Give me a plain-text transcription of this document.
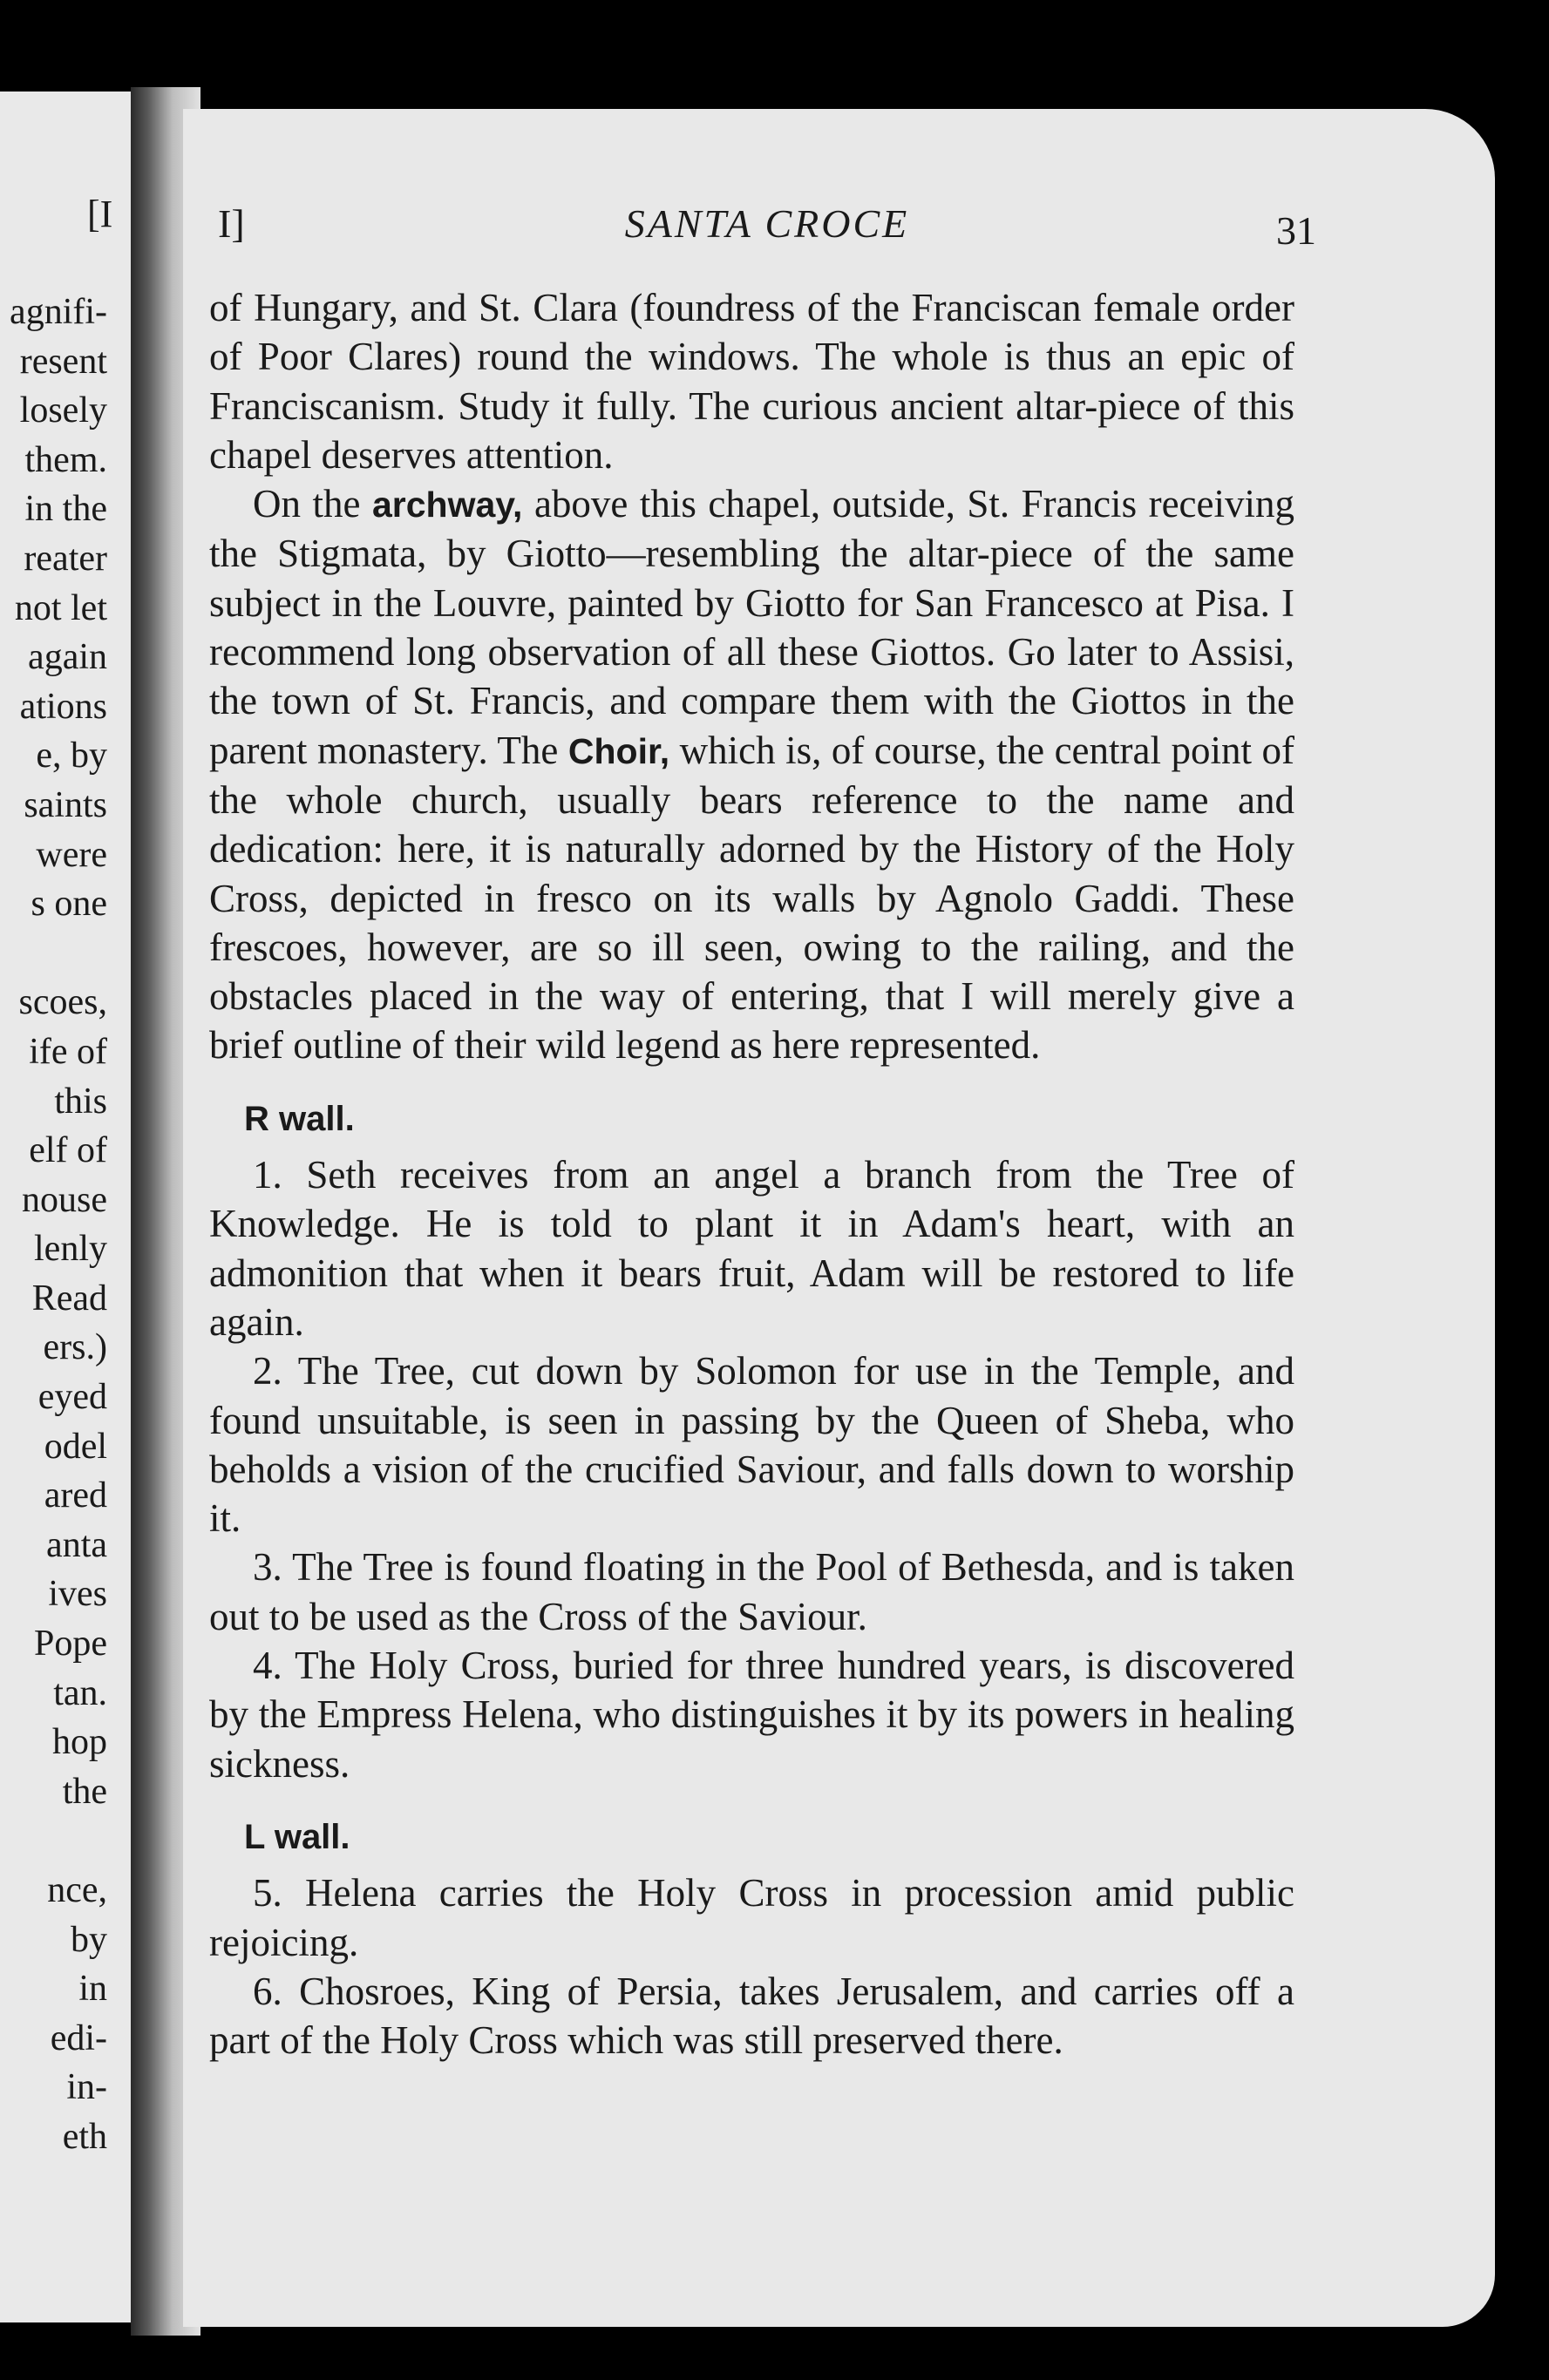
[I
agnifi-
resent
losely
them.
in the
reater
not let
again
ations
e, by
saints
were
s one

scoes,
ife of
this
elf of
nouse
lenly
Read
ers.)
eyed
odel
ared
anta
ives
Pope
tan.
hop
the

nce,
by
in
edi-
in-
eth
I]	SANTA CROCE	31

of Hungary, and St. Clara (foundress of the Franciscan female order of Poor Clares) round the windows. The whole is thus an epic of Franciscanism. Study it fully. The curious ancient altar-piece of this chapel deserves attention.

On the archway, above this chapel, outside, St. Francis receiving the Stigmata, by Giotto—resembling the altar-piece of the same subject in the Louvre, painted by Giotto for San Francesco at Pisa. I recommend long observation of all these Giottos. Go later to Assisi, the town of St. Francis, and compare them with the Giottos in the parent monastery. The Choir, which is, of course, the central point of the whole church, usually bears reference to the name and dedication: here, it is naturally adorned by the History of the Holy Cross, depicted in fresco on its walls by Agnolo Gaddi. These frescoes, however, are so ill seen, owing to the railing, and the obstacles placed in the way of entering, that I will merely give a brief outline of their wild legend as here represented.

R wall.

1. Seth receives from an angel a branch from the Tree of Knowledge. He is told to plant it in Adam's heart, with an admonition that when it bears fruit, Adam will be restored to life again.

2. The Tree, cut down by Solomon for use in the Temple, and found unsuitable, is seen in passing by the Queen of Sheba, who beholds a vision of the crucified Saviour, and falls down to worship it.

3. The Tree is found floating in the Pool of Bethesda, and is taken out to be used as the Cross of the Saviour.

4. The Holy Cross, buried for three hundred years, is discovered by the Empress Helena, who distinguishes it by its powers in healing sickness.

L wall.

5. Helena carries the Holy Cross in procession amid public rejoicing.

6. Chosroes, King of Persia, takes Jerusalem, and carries off a part of the Holy Cross which was still preserved there.
